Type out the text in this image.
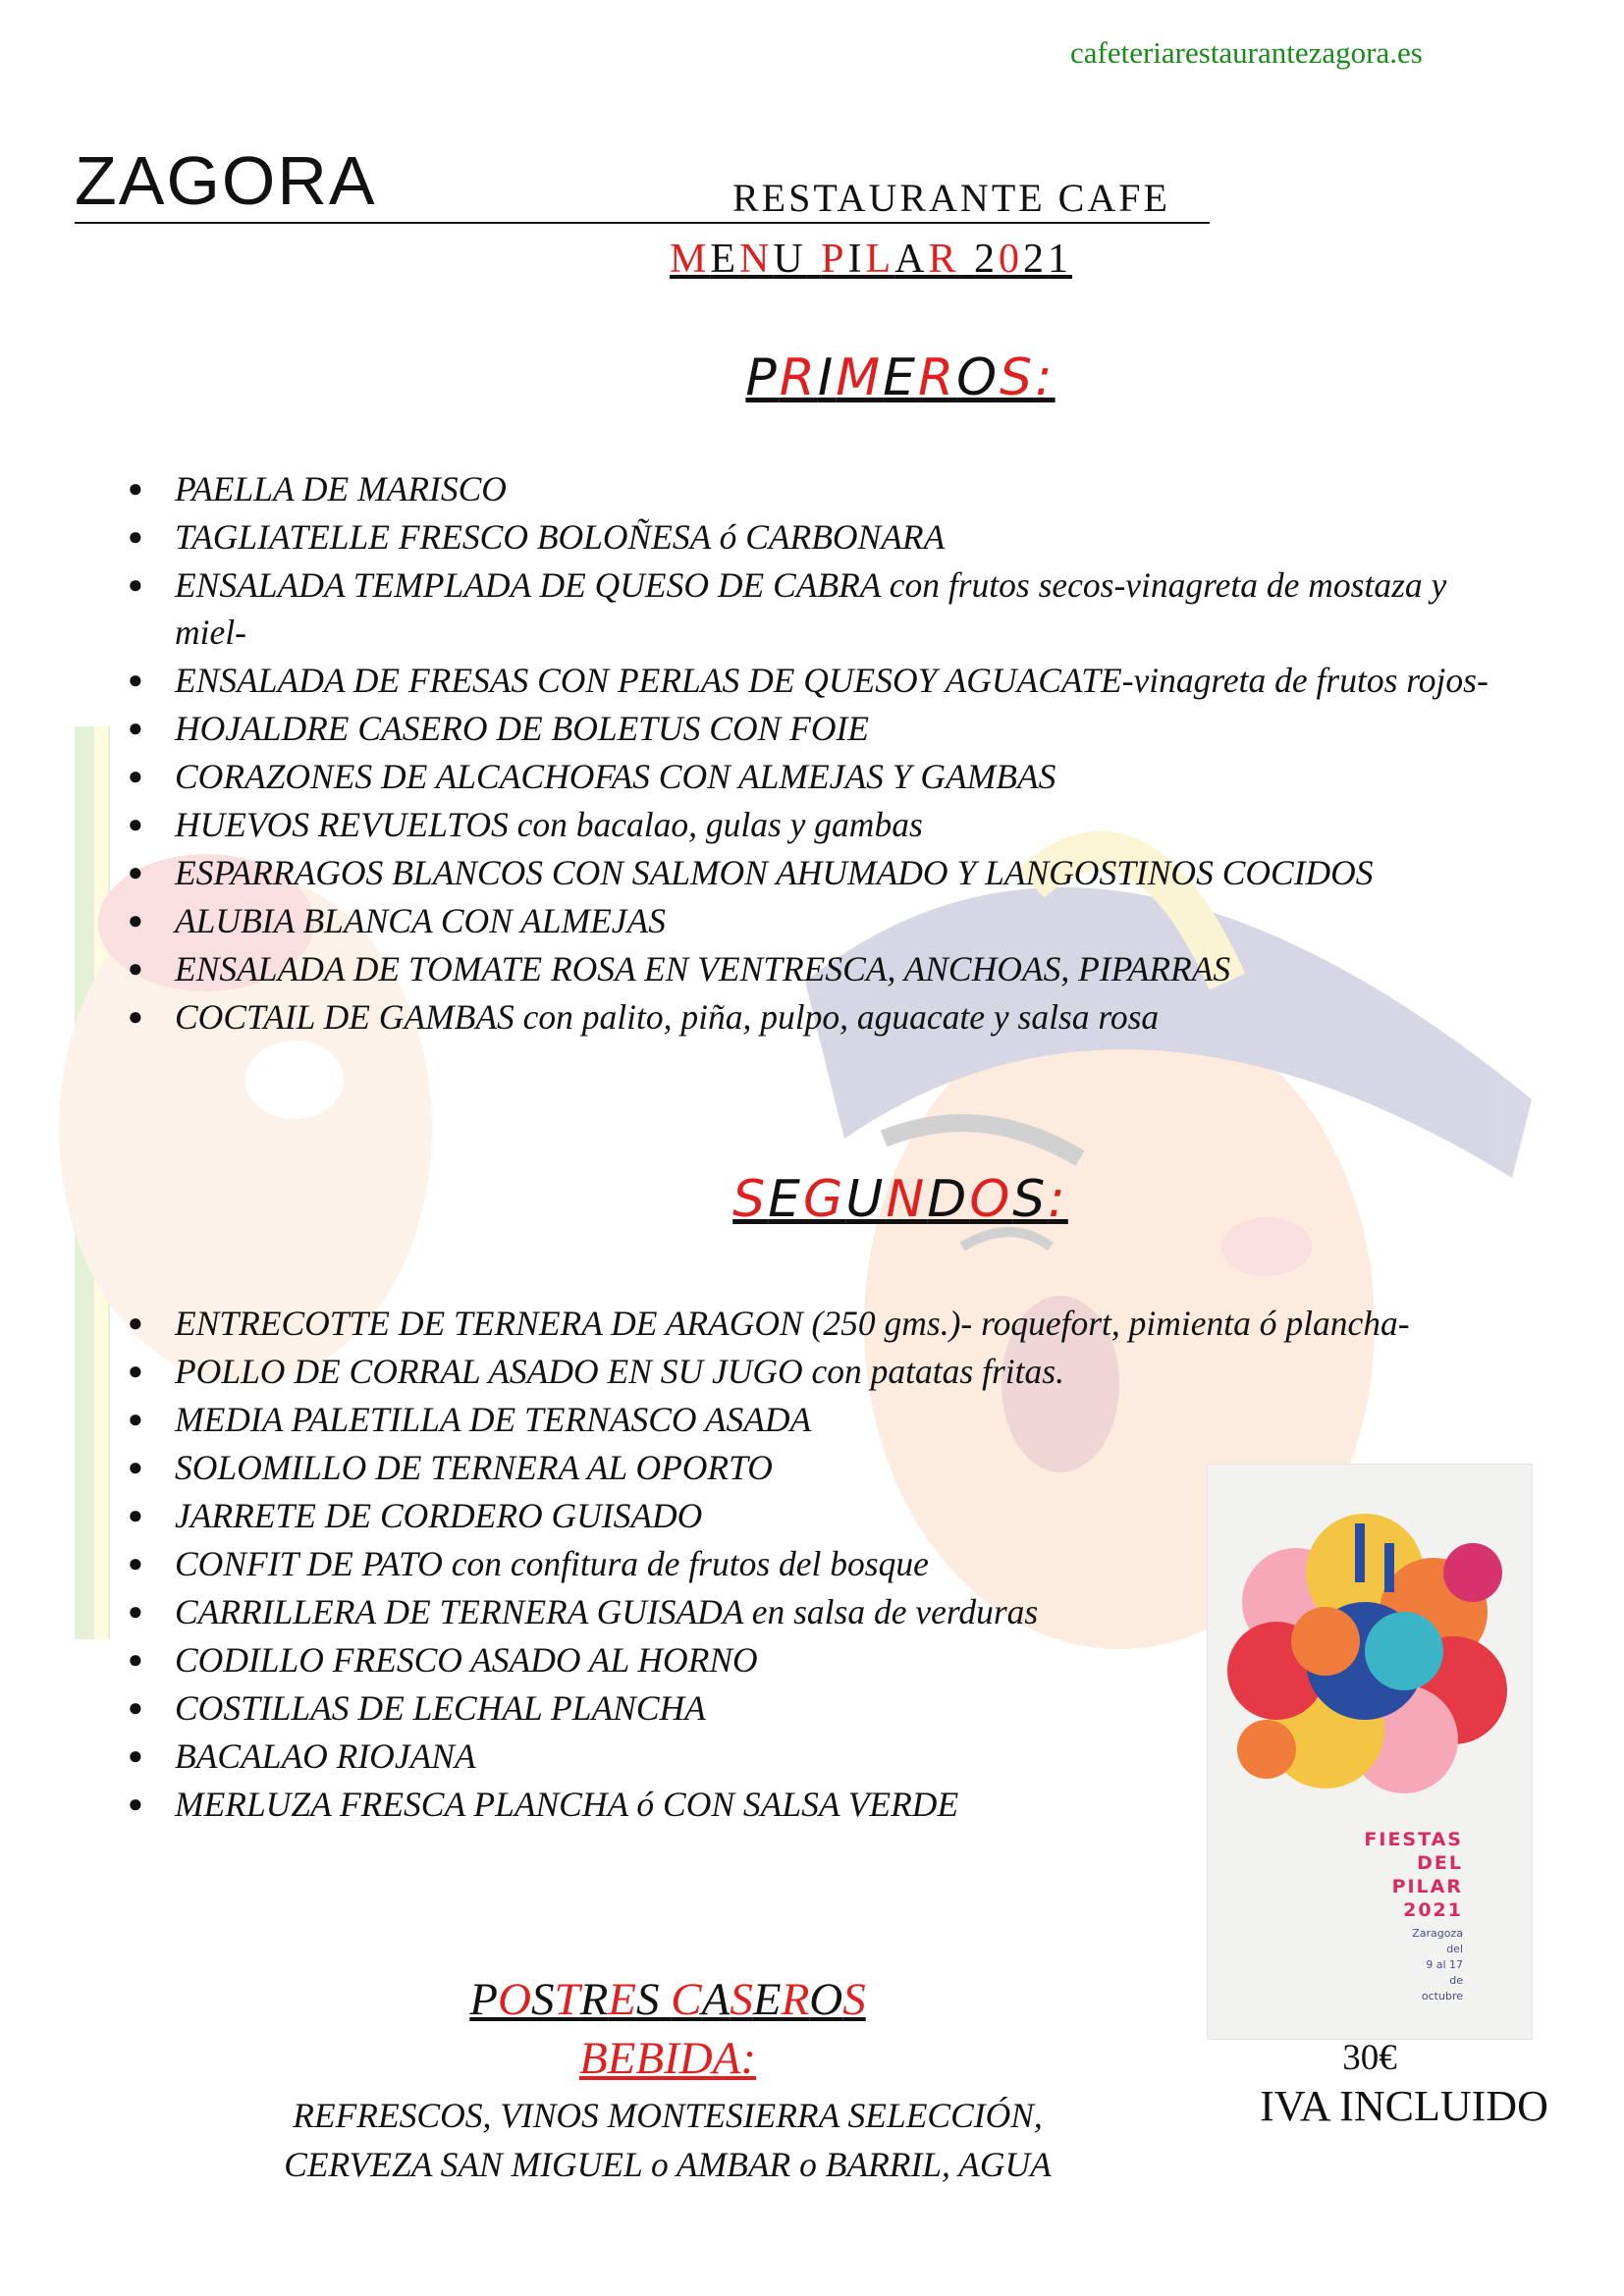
cafeteriarestaurantezagora.es
ZAGORA	RESTAURANTE CAFE
MENU PILAR 2021
PRIMEROS:
● PAELLA DE MARISCO
● TAGLIATELLE FRESCO BOLOÑESA ó CARBONARA
● ENSALADA TEMPLADA DE QUESO DE CABRA con frutos secos-vinagreta de mostaza y miel-
● ENSALADA DE FRESAS CON PERLAS DE QUESOY AGUACATE-vinagreta de frutos rojos-
● HOJALDRE CASERO DE BOLETUS CON FOIE
● CORAZONES DE ALCACHOFAS CON ALMEJAS Y GAMBAS
● HUEVOS REVUELTOS con bacalao, gulas y gambas
● ESPARRAGOS BLANCOS CON SALMON AHUMADO Y LANGOSTINOS COCIDOS
● ALUBIA BLANCA CON ALMEJAS
● ENSALADA DE TOMATE ROSA EN VENTRESCA, ANCHOAS, PIPARRAS
● COCTAIL DE GAMBAS con palito, piña, pulpo, aguacate y salsa rosa
SEGUNDOS:
● ENTRECOTTE DE TERNERA DE ARAGON (250 gms.)- roquefort, pimienta ó plancha-
● POLLO DE CORRAL ASADO EN SU JUGO con patatas fritas.
● MEDIA PALETILLA DE TERNASCO ASADA
● SOLOMILLO DE TERNERA AL OPORTO
● JARRETE DE CORDERO GUISADO
● CONFIT DE PATO con confitura de frutos del bosque
● CARRILLERA DE TERNERA GUISADA en salsa de verduras
● CODILLO FRESCO ASADO AL HORNO
● COSTILLAS DE LECHAL PLANCHA
● BACALAO RIOJANA
● MERLUZA FRESCA PLANCHA ó CON SALSA VERDE
POSTRES CASEROS
BEBIDA:
REFRESCOS, VINOS MONTESIERRA SELECCIÓN,
CERVEZA SAN MIGUEL o AMBAR o BARRIL, AGUA
FIESTAS
DEL
PILAR
2021
Zaragoza
del
9 al 17
de
octubre
30€
IVA INCLUIDO
